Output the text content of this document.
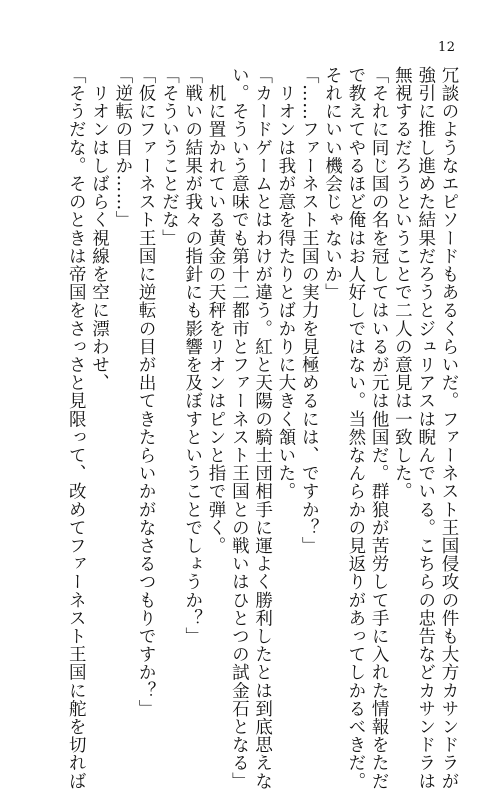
12
冗談のようなエピソードもあるくらいだ。ファーネスト王国侵攻の件も大方カサンドラが
強引に推し進めた結果だろうとジュリアスは睨んでいる。こちらの忠告などカサンドラは
無視するだろうということで二人の意見は一致した。
「それに同じ国の名を冠してはいるが元は他国だ。群狼が苦労して手に入れた情報をただ
で教えてやるほど俺はお人好しではない。当然なんらかの見返りがあってしかるべきだ。
それにいい機会じゃないか」
「……ファーネスト王国の実力を見極めるには、ですか？」
　リオンは我が意を得たりとばかりに大きく頷いた。
「カードゲームとはわけが違う。紅と天陽の騎士団相手に運よく勝利したとは到底思えな
い。そういう意味でも第十二都市とファーネスト王国との戦いはひとつの試金石となる」
　机に置かれている黄金の天秤をリオンはピンと指で弾く。
「戦いの結果が我々の指針にも影響を及ぼすということでしょうか？」
「そういうことだな」
「仮にファーネスト王国に逆転の目が出てきたらいかがなさるつもりですか？」
「逆転の目か……」
　リオンはしばらく視線を空に漂わせ、
「そうだな。そのときは帝国をさっさと見限って、改めてファーネスト王国に舵を切れば
